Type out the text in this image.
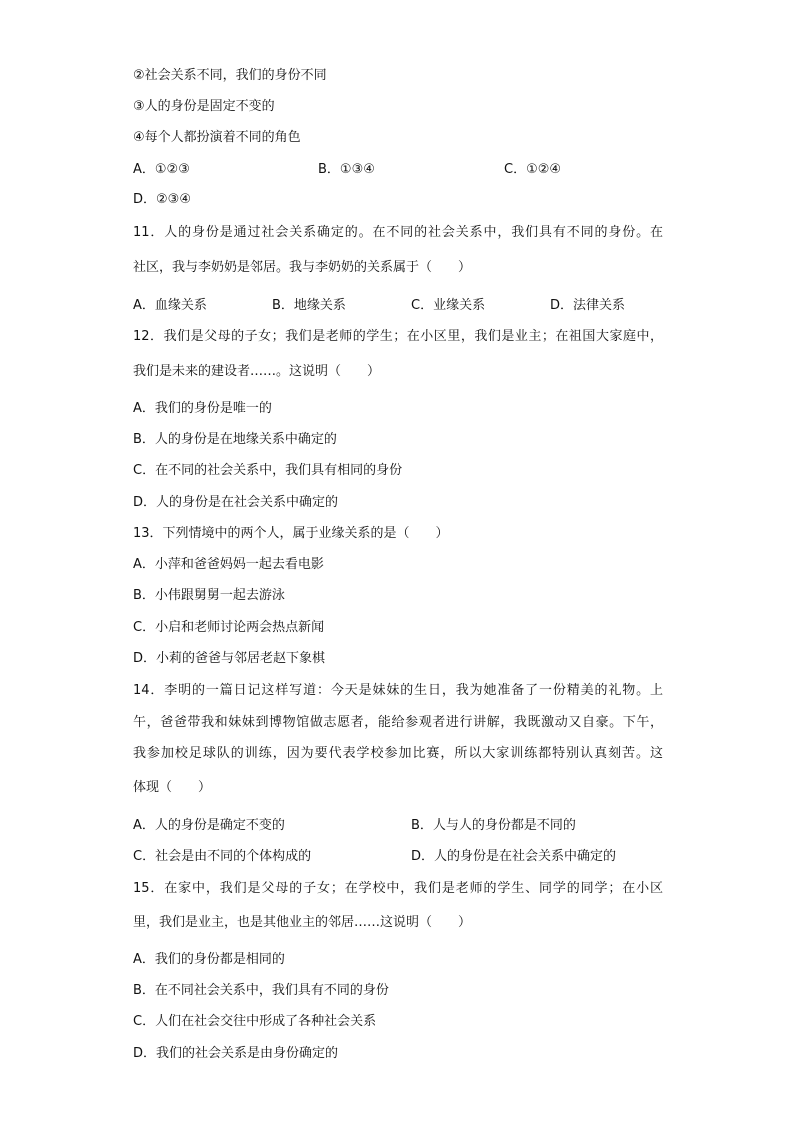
②社会关系不同，我们的身份不同
③人的身份是固定不变的
④每个人都扮演着不同的角色
A．①②③	B．①③④	C．①②④
D．②③④
11．人的身份是通过社会关系确定的。在不同的社会关系中，我们具有不同的身份。在
社区，我与李奶奶是邻居。我与李奶奶的关系属于（　　）
A．血缘关系	B．地缘关系	C．业缘关系	D．法律关系
12．我们是父母的子女；我们是老师的学生；在小区里，我们是业主；在祖国大家庭中，
我们是未来的建设者……。这说明（　　）
A．我们的身份是唯一的
B．人的身份是在地缘关系中确定的
C．在不同的社会关系中，我们具有相同的身份
D．人的身份是在社会关系中确定的
13．下列情境中的两个人，属于业缘关系的是（　　）
A．小萍和爸爸妈妈一起去看电影
B．小伟跟舅舅一起去游泳
C．小启和老师讨论两会热点新闻
D．小莉的爸爸与邻居老赵下象棋
14．李明的一篇日记这样写道：今天是妹妹的生日，我为她准备了一份精美的礼物。上
午，爸爸带我和妹妹到博物馆做志愿者，能给参观者进行讲解，我既激动又自豪。下午，
我参加校足球队的训练，因为要代表学校参加比赛，所以大家训练都特别认真刻苦。这
体现（　　）
A．人的身份是确定不变的	B．人与人的身份都是不同的
C．社会是由不同的个体构成的	D．人的身份是在社会关系中确定的
15．在家中，我们是父母的子女；在学校中，我们是老师的学生、同学的同学；在小区
里，我们是业主，也是其他业主的邻居……这说明（　　）
A．我们的身份都是相同的
B．在不同社会关系中，我们具有不同的身份
C．人们在社会交往中形成了各种社会关系
D．我们的社会关系是由身份确定的
